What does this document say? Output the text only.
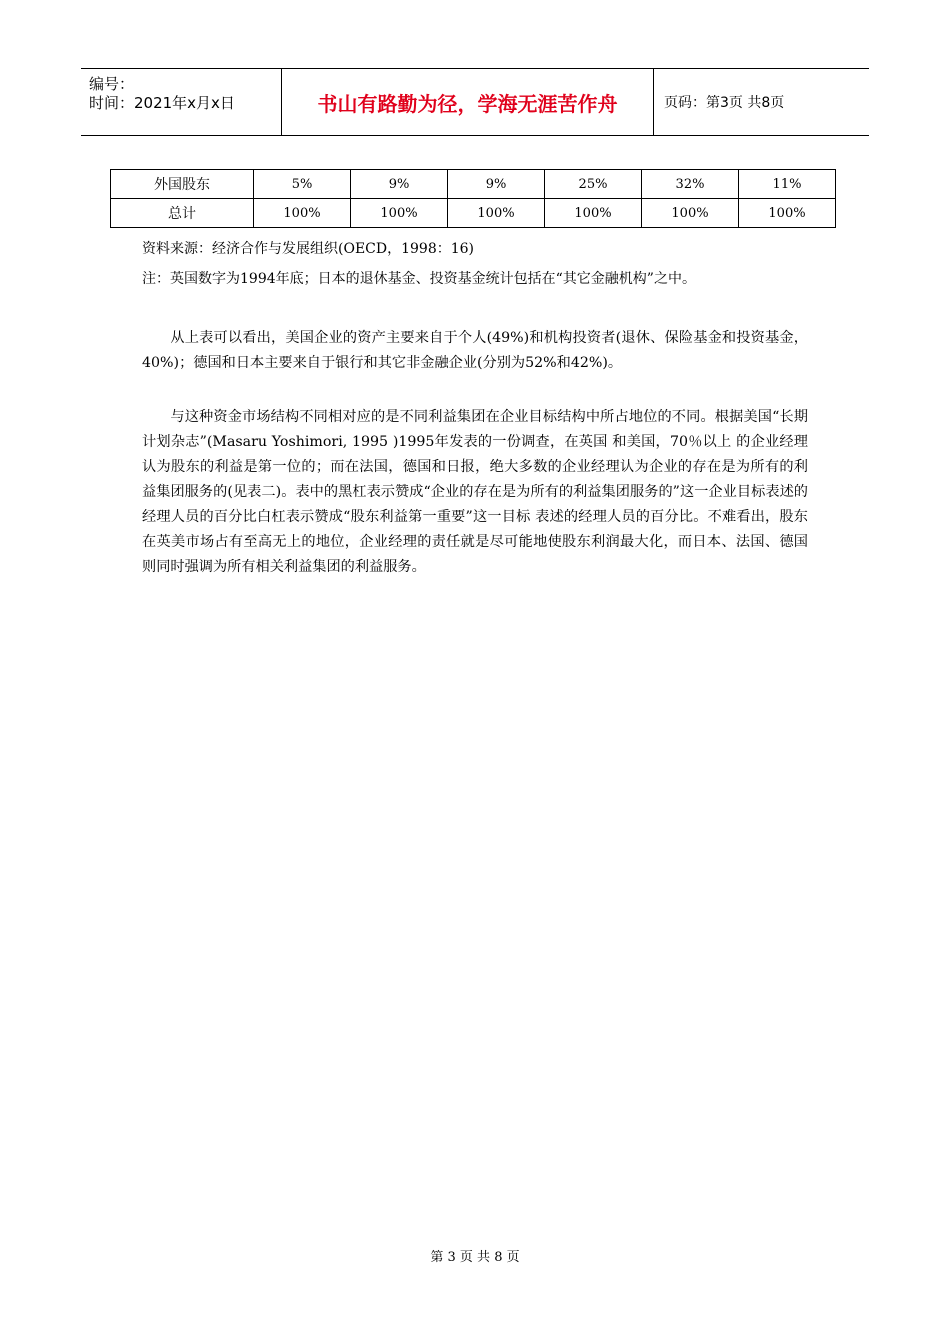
编号：
时间：2021年x月x日	书山有路勤为径，学海无涯苦作舟	页码：第3页 共8页
外国股东	5%	9%	9%	25%	32%	11%
总计	100%	100%	100%	100%	100%	100%
资料来源：经济合作与发展组织(OECD，1998：16)
注：英国数字为1994年底；日本的退休基金、投资基金统计包括在“其它金融机构”之中。
从上表可以看出，美国企业的资产主要来自于个人(49%)和机构投资者(退休、保险基金和投资基金，40%)；德国和日本主要来自于银行和其它非金融企业(分别为52%和42%)。
与这种资金市场结构不同相对应的是不同利益集团在企业目标结构中所占地位的不同。根据美国“长期计划杂志”(Masaru Yoshimori, 1995 )1995年发表的一份调查，在英国 和美国，70％以上 的企业经理认为股东的利益是第一位的；而在法国，德国和日报，绝大多数的企业经理认为企业的存在是为所有的利益集团服务的(见表二)。表中的黑杠表示赞成“企业的存在是为所有的利益集团服务的”这一企业目标表述的经理人员的百分比白杠表示赞成“股东利益第一重要”这一目标 表述的经理人员的百分比。不难看出，股东在英美市场占有至高无上的地位，企业经理的责任就是尽可能地使股东利润最大化，而日本、法国、德国则同时强调为所有相关利益集团的利益服务。
第 3 页 共 8 页
